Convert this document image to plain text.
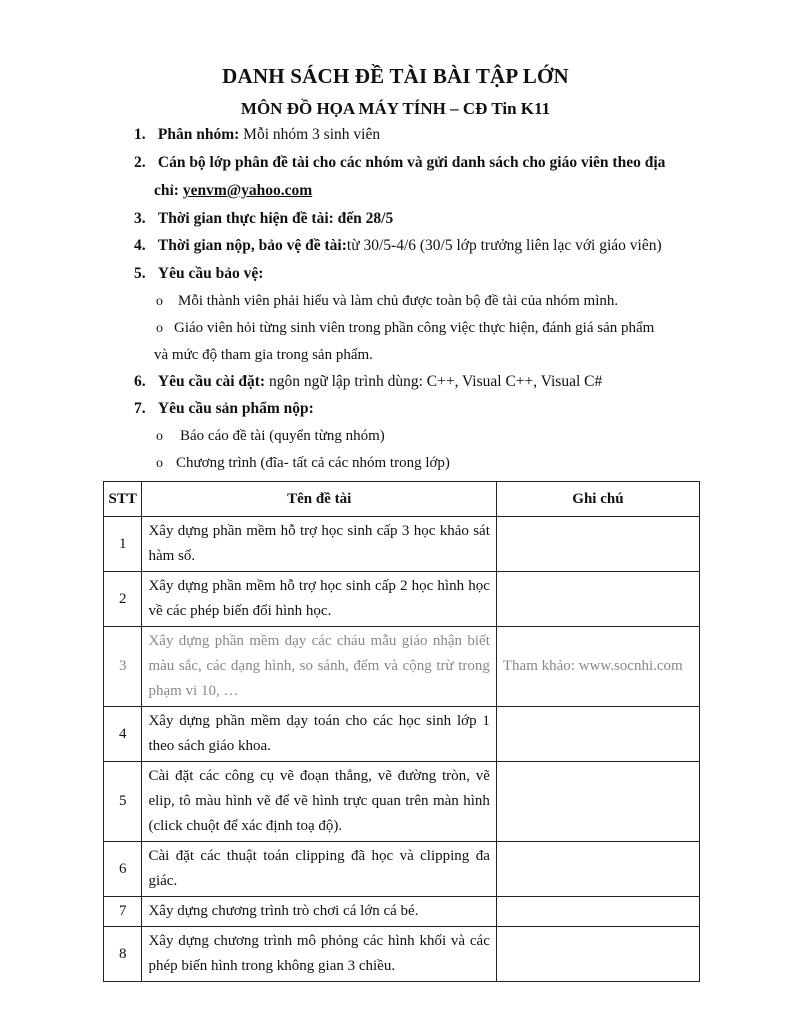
DANH SÁCH ĐỀ TÀI BÀI TẬP LỚN
MÔN ĐỒ HỌA MÁY TÍNH – CĐ Tin K11
1. Phân nhóm: Mỗi nhóm 3 sinh viên
2. Cán bộ lớp phân đề tài cho các nhóm và gửi danh sách cho giáo viên theo địa
chỉ: yenvm@yahoo.com
3. Thời gian thực hiện đề tài: đến 28/5
4. Thời gian nộp, bảo vệ đề tài:từ 30/5-4/6 (30/5 lớp trưởng liên lạc với giáo viên)
5. Yêu cầu bảo vệ:
o Mỗi thành viên phải hiểu và làm chủ được toàn bộ đề tài của nhóm mình.
o Giáo viên hỏi từng sinh viên trong phần công việc thực hiện, đánh giá sản phẩm
và mức độ tham gia trong sản phẩm.
6. Yêu cầu cài đặt: ngôn ngữ lập trình dùng: C++, Visual C++, Visual C#
7. Yêu cầu sản phẩm nộp:
o Báo cáo đề tài (quyển từng nhóm)
o Chương trình (đĩa- tất cả các nhóm trong lớp)
STT	Tên đề tài	Ghi chú
1	Xây dựng phần mềm hỗ trợ học sinh cấp 3 học khảo sát hàm số.	
2	Xây dựng phần mềm hỗ trợ học sinh cấp 2 học hình học về các phép biến đổi hình học.	
3	Xây dựng phần mềm dạy các cháu mẫu giáo nhận biết màu sắc, các dạng hình, so sánh, đếm và cộng trừ trong phạm vi 10, …	Tham khảo: www.socnhi.com
4	Xây dựng phần mềm dạy toán cho các học sinh lớp 1 theo sách giáo khoa.	
5	Cài đặt các công cụ vẽ đoạn thẳng, vẽ đường tròn, vẽ elip, tô màu hình vẽ để vẽ hình trực quan trên màn hình (click chuột để xác định toạ độ).	
6	Cài đặt các thuật toán clipping đã học và clipping đa giác.	
7	Xây dựng chương trình trò chơi cá lớn cá bé.	
8	Xây dựng chương trình mô phỏng các hình khối và các phép biến hình trong không gian 3 chiều.	
